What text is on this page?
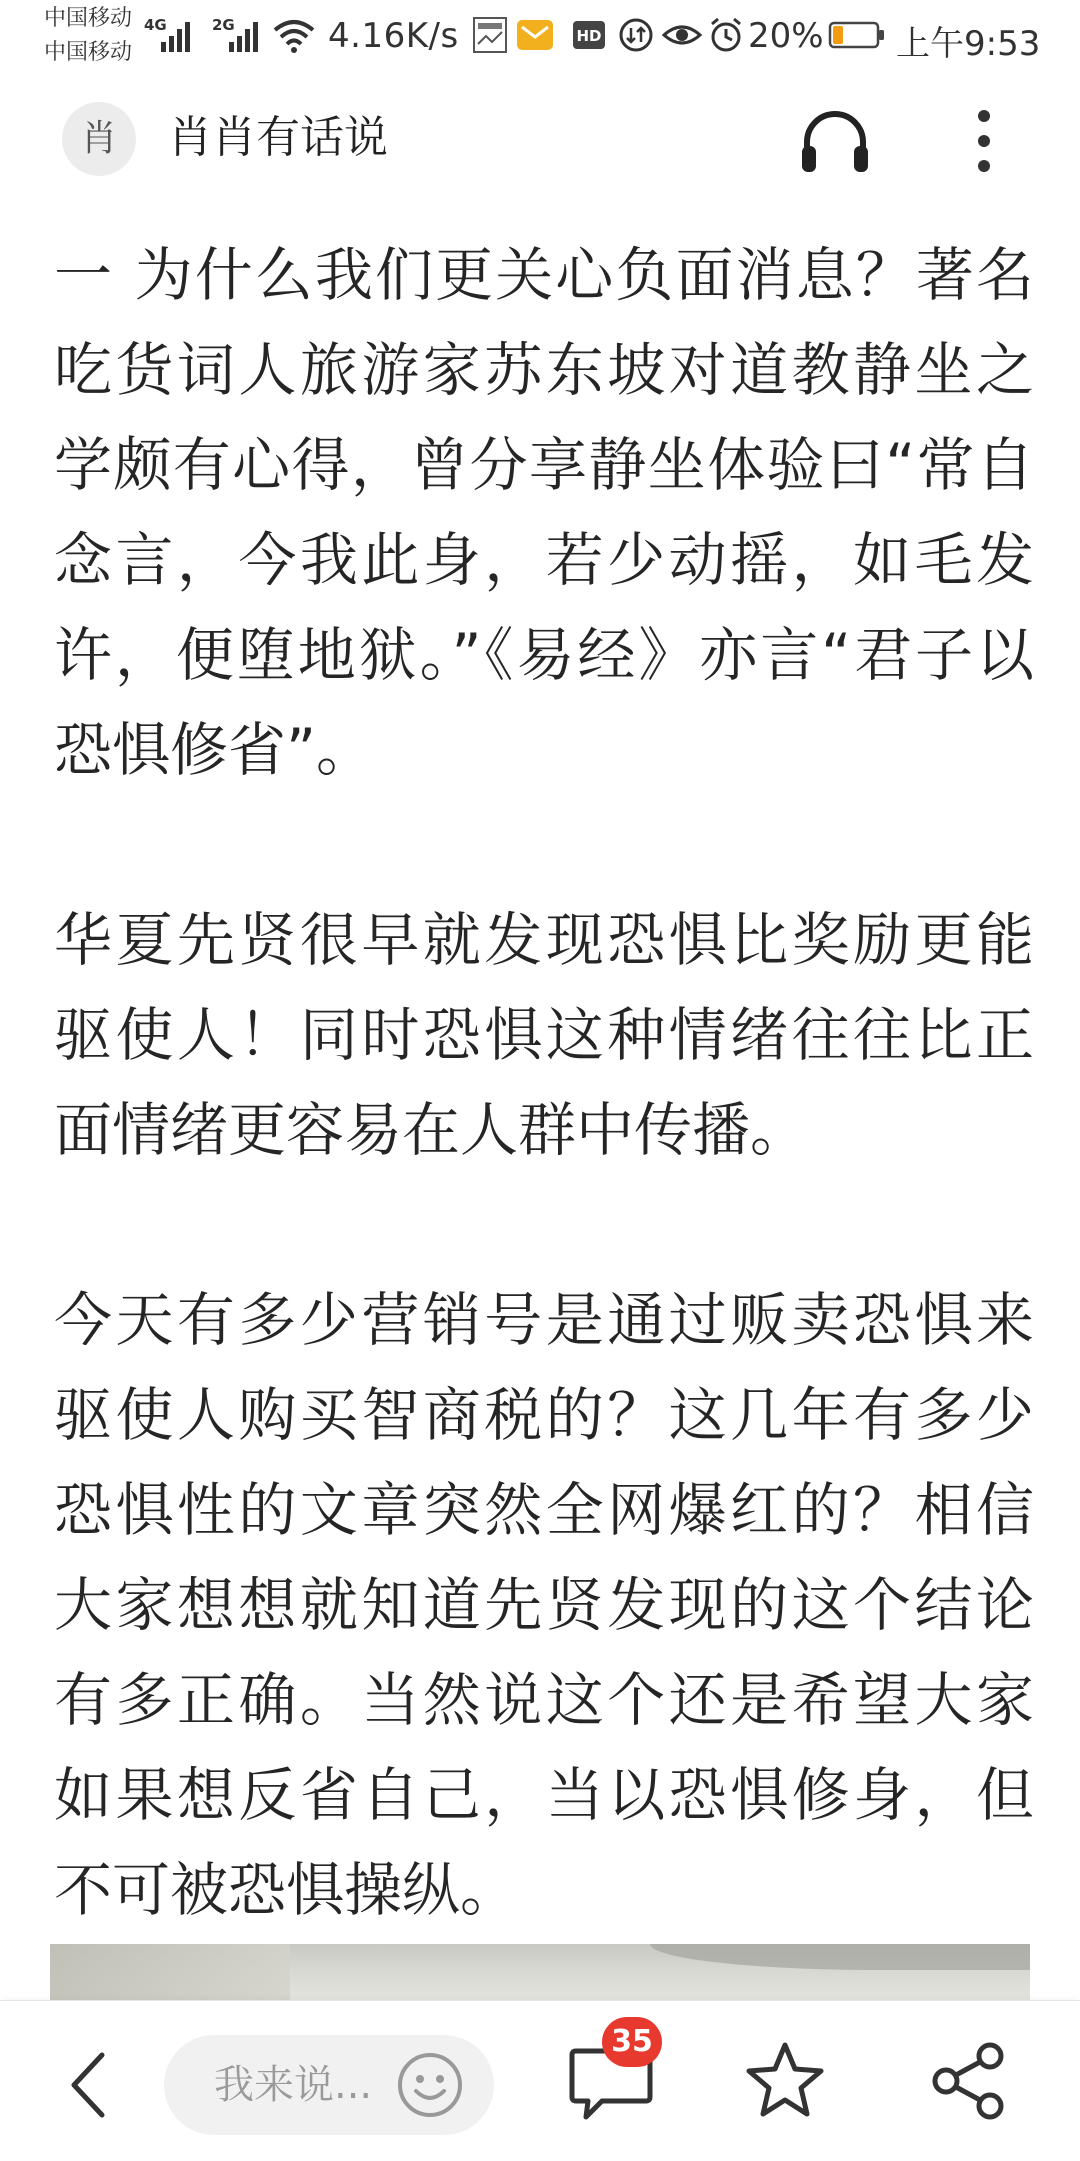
中国移动
中国移动
4G	2G	4.16K/s	HD	20% 上午9:53
肖	肖肖有话说

一 为什么我们更关心负面消息？著名吃货词人旅游家苏东坡对道教静坐之学颇有心得，曾分享静坐体验曰“常自念言，今我此身，若少动摇，如毛发许，便堕地狱。”《易经》亦言“君子以恐惧修省”。

华夏先贤很早就发现恐惧比奖励更能驱使人！同时恐惧这种情绪往往比正面情绪更容易在人群中传播。

今天有多少营销号是通过贩卖恐惧来驱使人购买智商税的？这几年有多少恐惧性的文章突然全网爆红的？相信大家想想就知道先贤发现的这个结论有多正确。当然说这个还是希望大家如果想反省自己，当以恐惧修身，但不可被恐惧操纵。

我来说...
35
